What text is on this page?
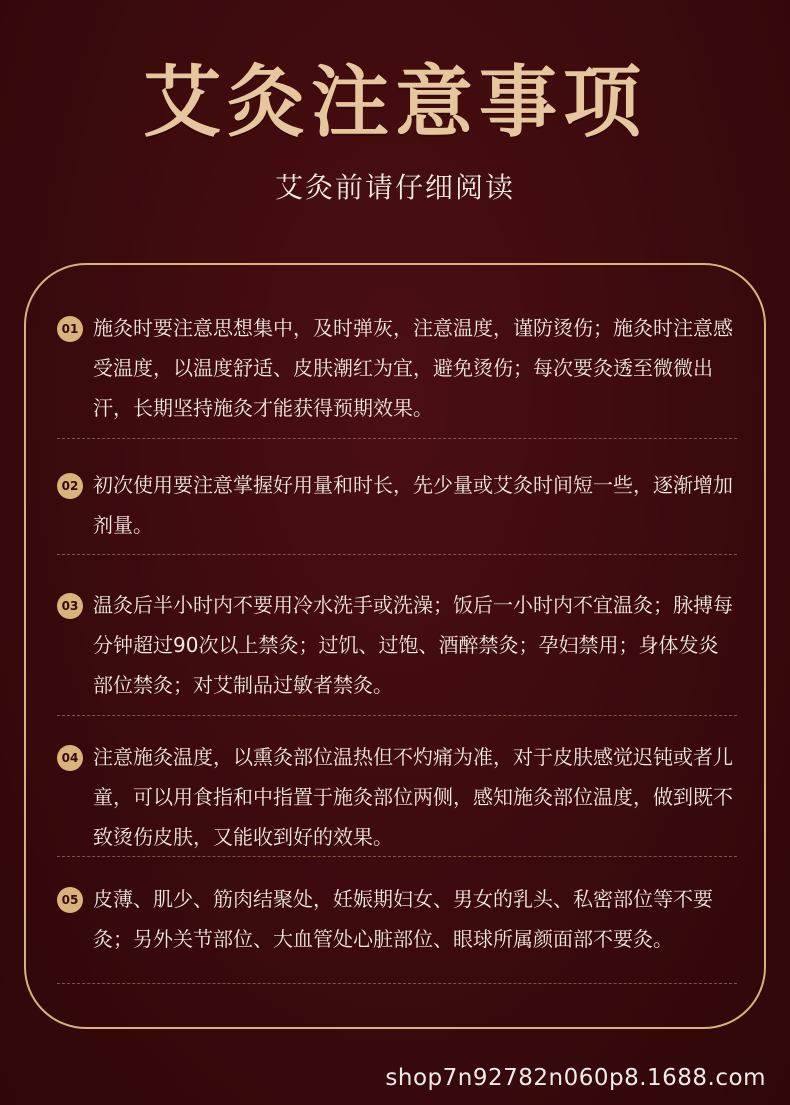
艾灸注意事项
艾灸前请仔细阅读
01 施灸时要注意思想集中，及时弹灰，注意温度，谨防烫伤；施灸时注意感受温度，以温度舒适、皮肤潮红为宜，避免烫伤；每次要灸透至微微出汗，长期坚持施灸才能获得预期效果。
02 初次使用要注意掌握好用量和时长，先少量或艾灸时间短一些，逐渐增加剂量。
03 温灸后半小时内不要用冷水洗手或洗澡；饭后一小时内不宜温灸；脉搏每分钟超过90次以上禁灸；过饥、过饱、酒醉禁灸；孕妇禁用；身体发炎部位禁灸；对艾制品过敏者禁灸。
04 注意施灸温度，以熏灸部位温热但不灼痛为准，对于皮肤感觉迟钝或者儿童，可以用食指和中指置于施灸部位两侧，感知施灸部位温度，做到既不致烫伤皮肤，又能收到好的效果。
05 皮薄、肌少、筋肉结聚处，妊娠期妇女、男女的乳头、私密部位等不要灸；另外关节部位、大血管处心脏部位、眼球所属颜面部不要灸。
shop7n92782n060p8.1688.com
